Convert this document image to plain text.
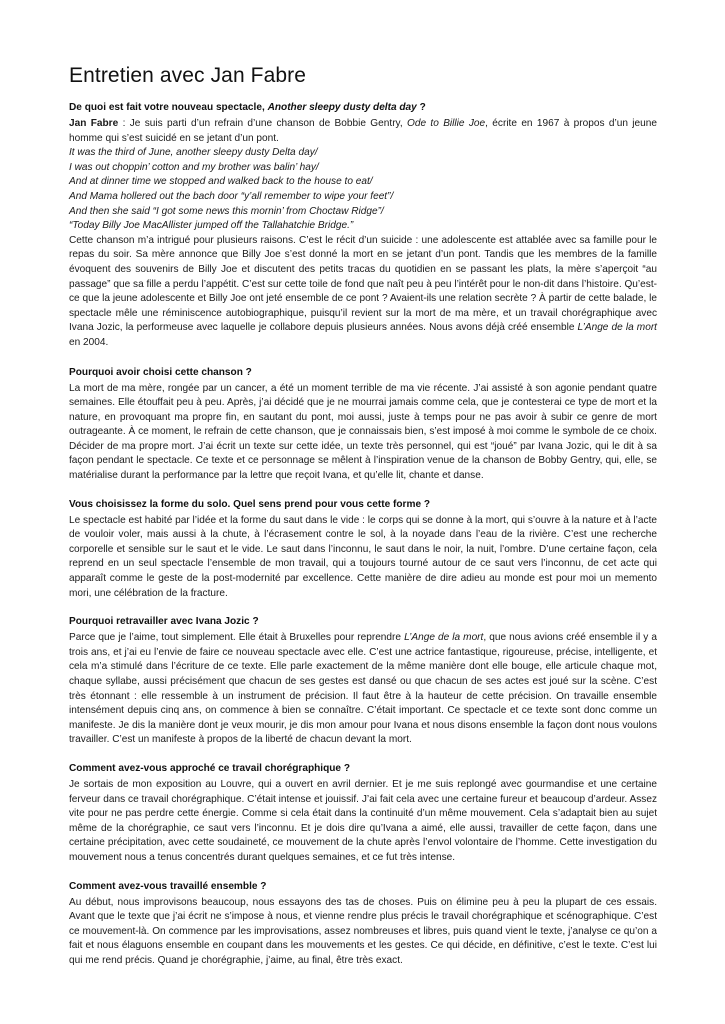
Entretien avec Jan Fabre

De quoi est fait votre nouveau spectacle, Another sleepy dusty delta day ?

Jan Fabre : Je suis parti d’un refrain d’une chanson de Bobbie Gentry, Ode to Billie Joe, écrite en 1967 à propos d’un jeune homme qui s’est suicidé en se jetant d’un pont.

It was the third of June, another sleepy dusty Delta day/

I was out choppin’ cotton and my brother was balin’ hay/

And at dinner time we stopped and walked back to the house to eat/

And Mama hollered out the bach door “y’all remember to wipe your feet”/

And then she said “I got some news this mornin’ from Choctaw Ridge”/

“Today Billy Joe MacAllister jumped off the Tallahatchie Bridge.”

Cette chanson m’a intrigué pour plusieurs raisons. C’est le récit d’un suicide : une adolescente est attablée avec sa famille pour le repas du soir. Sa mère annonce que Billy Joe s’est donné la mort en se jetant d’un pont. Tandis que les membres de la famille évoquent des souvenirs de Billy Joe et discutent des petits tracas du quotidien en se passant les plats, la mère s’aperçoit “au passage” que sa fille a perdu l’appétit. C’est sur cette toile de fond que naît peu à peu l’intérêt pour le non-dit dans l’histoire. Qu’est-ce que la jeune adolescente et Billy Joe ont jeté ensemble de ce pont ? Avaient-ils une relation secrète ? À partir de cette balade, le spectacle mêle une réminiscence autobiographique, puisqu’il revient sur la mort de ma mère, et un travail chorégraphique avec Ivana Jozic, la performeuse avec laquelle je collabore depuis plusieurs années. Nous avons déjà créé ensemble L’Ange de la mort en 2004.

Pourquoi avoir choisi cette chanson ?

La mort de ma mère, rongée par un cancer, a été un moment terrible de ma vie récente. J’ai assisté à son agonie pendant quatre semaines. Elle étouffait peu à peu. Après, j’ai décidé que je ne mourrai jamais comme cela, que je contesterai ce type de mort et la nature, en provoquant ma propre fin, en sautant du pont, moi aussi, juste à temps pour ne pas avoir à subir ce genre de mort outrageante. À ce moment, le refrain de cette chanson, que je connaissais bien, s’est imposé à moi comme le symbole de ce choix. Décider de ma propre mort. J’ai écrit un texte sur cette idée, un texte très personnel, qui est “joué” par Ivana Jozic, qui le dit à sa façon pendant le spectacle. Ce texte et ce personnage se mêlent à l’inspiration venue de la chanson de Bobby Gentry, qui, elle, se matérialise durant la performance par la lettre que reçoit Ivana, et qu’elle lit, chante et danse.

Vous choisissez la forme du solo. Quel sens prend pour vous cette forme ?

Le spectacle est habité par l’idée et la forme du saut dans le vide : le corps qui se donne à la mort, qui s’ouvre à la nature et à l’acte de vouloir voler, mais aussi à la chute, à l’écrasement contre le sol, à la noyade dans l’eau de la rivière. C’est une recherche corporelle et sensible sur le saut et le vide. Le saut dans l’inconnu, le saut dans le noir, la nuit, l’ombre. D’une certaine façon, cela reprend en un seul spectacle l’ensemble de mon travail, qui a toujours tourné autour de ce saut vers l’inconnu, de cet acte qui apparaît comme le geste de la post-modernité par excellence. Cette manière de dire adieu au monde est pour moi un memento mori, une célébration de la fracture.

Pourquoi retravailler avec Ivana Jozic ?

Parce que je l’aime, tout simplement. Elle était à Bruxelles pour reprendre L’Ange de la mort, que nous avions créé ensemble il y a trois ans, et j’ai eu l’envie de faire ce nouveau spectacle avec elle. C’est une actrice fantastique, rigoureuse, précise, intelligente, et cela m’a stimulé dans l’écriture de ce texte. Elle parle exactement de la même manière dont elle bouge, elle articule chaque mot, chaque syllabe, aussi précisément que chacun de ses gestes est dansé ou que chacun de ses actes est joué sur la scène. C’est très étonnant : elle ressemble à un instrument de précision. Il faut être à la hauteur de cette précision. On travaille ensemble intensément depuis cinq ans, on commence à bien se connaître. C’était important. Ce spectacle et ce texte sont donc comme un manifeste. Je dis la manière dont je veux mourir, je dis mon amour pour Ivana et nous disons ensemble la façon dont nous voulons travailler. C’est un manifeste à propos de la liberté de chacun devant la mort.

Comment avez-vous approché ce travail chorégraphique ?

Je sortais de mon exposition au Louvre, qui a ouvert en avril dernier. Et je me suis replongé avec gourmandise et une certaine ferveur dans ce travail chorégraphique. C’était intense et jouissif. J’ai fait cela avec une certaine fureur et beaucoup d’ardeur. Assez vite pour ne pas perdre cette énergie. Comme si cela était dans la continuité d’un même mouvement. Cela s’adaptait bien au sujet même de la chorégraphie, ce saut vers l’inconnu. Et je dois dire qu’Ivana a aimé, elle aussi, travailler de cette façon, dans une certaine précipitation, avec cette soudaineté, ce mouvement de la chute après l’envol volontaire de l’homme. Cette investigation du mouvement nous a tenus concentrés durant quelques semaines, et ce fut très intense.

Comment avez-vous travaillé ensemble ?

Au début, nous improvisons beaucoup, nous essayons des tas de choses. Puis on élimine peu à peu la plupart de ces essais. Avant que le texte que j’ai écrit ne s’impose à nous, et vienne rendre plus précis le travail chorégraphique et scénographique. C’est ce mouvement-là. On commence par les improvisations, assez nombreuses et libres, puis quand vient le texte, j’analyse ce qu’on a fait et nous élaguons ensemble en coupant dans les mouvements et les gestes. Ce qui décide, en définitive, c’est le texte. C’est lui qui me rend précis. Quand je chorégraphie, j’aime, au final, être très exact.
